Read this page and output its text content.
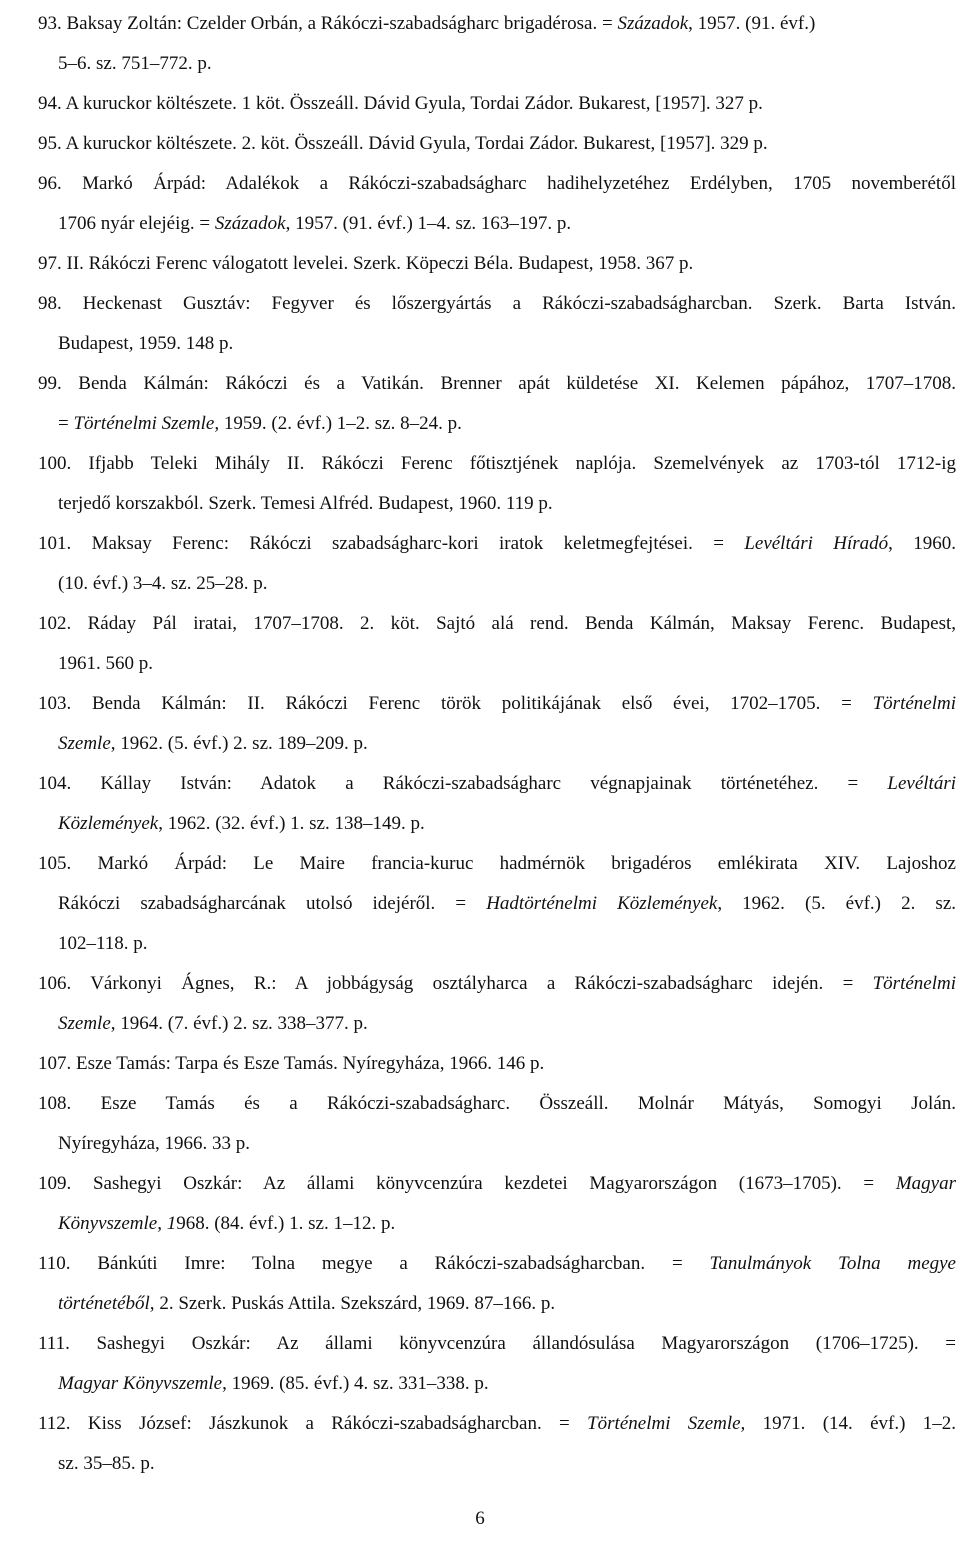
93. Baksay Zoltán: Czelder Orbán, a Rákóczi-szabadságharc brigadérosa. = Századok, 1957. (91. évf.)
5–6. sz. 751–772. p.
94. A kuruckor költészete. 1 köt. Összeáll. Dávid Gyula, Tordai Zádor. Bukarest, [1957]. 327 p.
95. A kuruckor költészete. 2. köt. Összeáll. Dávid Gyula, Tordai Zádor. Bukarest, [1957]. 329 p.
96. Markó Árpád: Adalékok a Rákóczi-szabadságharc hadihelyzetéhez Erdélyben, 1705 novemberétől
1706 nyár elejéig. = Századok, 1957. (91. évf.) 1–4. sz. 163–197. p.
97. II. Rákóczi Ferenc válogatott levelei. Szerk. Köpeczi Béla. Budapest, 1958. 367 p.
98. Heckenast Gusztáv: Fegyver és lőszergyártás a Rákóczi-szabadságharcban. Szerk. Barta István.
Budapest, 1959. 148 p.
99. Benda Kálmán: Rákóczi és a Vatikán. Brenner apát küldetése XI. Kelemen pápához, 1707–1708.
= Történelmi Szemle, 1959. (2. évf.) 1–2. sz. 8–24. p.
100. Ifjabb Teleki Mihály II. Rákóczi Ferenc főtisztjének naplója. Szemelvények az 1703-tól 1712-ig
terjedő korszakból. Szerk. Temesi Alfréd. Budapest, 1960. 119 p.
101. Maksay Ferenc: Rákóczi szabadságharc-kori iratok keletmegfejtései. = Levéltári Híradó, 1960.
(10. évf.) 3–4. sz. 25–28. p.
102. Ráday Pál iratai, 1707–1708. 2. köt. Sajtó alá rend. Benda Kálmán, Maksay Ferenc. Budapest,
1961. 560 p.
103. Benda Kálmán: II. Rákóczi Ferenc török politikájának első évei, 1702–1705. = Történelmi
Szemle, 1962. (5. évf.) 2. sz. 189–209. p.
104. Kállay István: Adatok a Rákóczi-szabadságharc végnapjainak történetéhez. = Levéltári
Közlemények, 1962. (32. évf.) 1. sz. 138–149. p.
105. Markó Árpád: Le Maire francia-kuruc hadmérnök brigadéros emlékirata XIV. Lajoshoz
Rákóczi szabadságharcának utolsó idejéről. = Hadtörténelmi Közlemények, 1962. (5. évf.) 2. sz.
102–118. p.
106. Várkonyi Ágnes, R.: A jobbágyság osztályharca a Rákóczi-szabadságharc idején. = Történelmi
Szemle, 1964. (7. évf.) 2. sz. 338–377. p.
107. Esze Tamás: Tarpa és Esze Tamás. Nyíregyháza, 1966. 146 p.
108. Esze Tamás és a Rákóczi-szabadságharc. Összeáll. Molnár Mátyás, Somogyi Jolán.
Nyíregyháza, 1966. 33 p.
109. Sashegyi Oszkár: Az állami könyvcenzúra kezdetei Magyarországon (1673–1705). = Magyar
Könyvszemle, 1968. (84. évf.) 1. sz. 1–12. p.
110. Bánkúti Imre: Tolna megye a Rákóczi-szabadságharcban. = Tanulmányok Tolna megye
történetéből, 2. Szerk. Puskás Attila. Szekszárd, 1969. 87–166. p.
111. Sashegyi Oszkár: Az állami könyvcenzúra állandósulása Magyarországon (1706–1725). =
Magyar Könyvszemle, 1969. (85. évf.) 4. sz. 331–338. p.
112. Kiss József: Jászkunok a Rákóczi-szabadságharcban. = Történelmi Szemle, 1971. (14. évf.) 1–2.
sz. 35–85. p.
6
